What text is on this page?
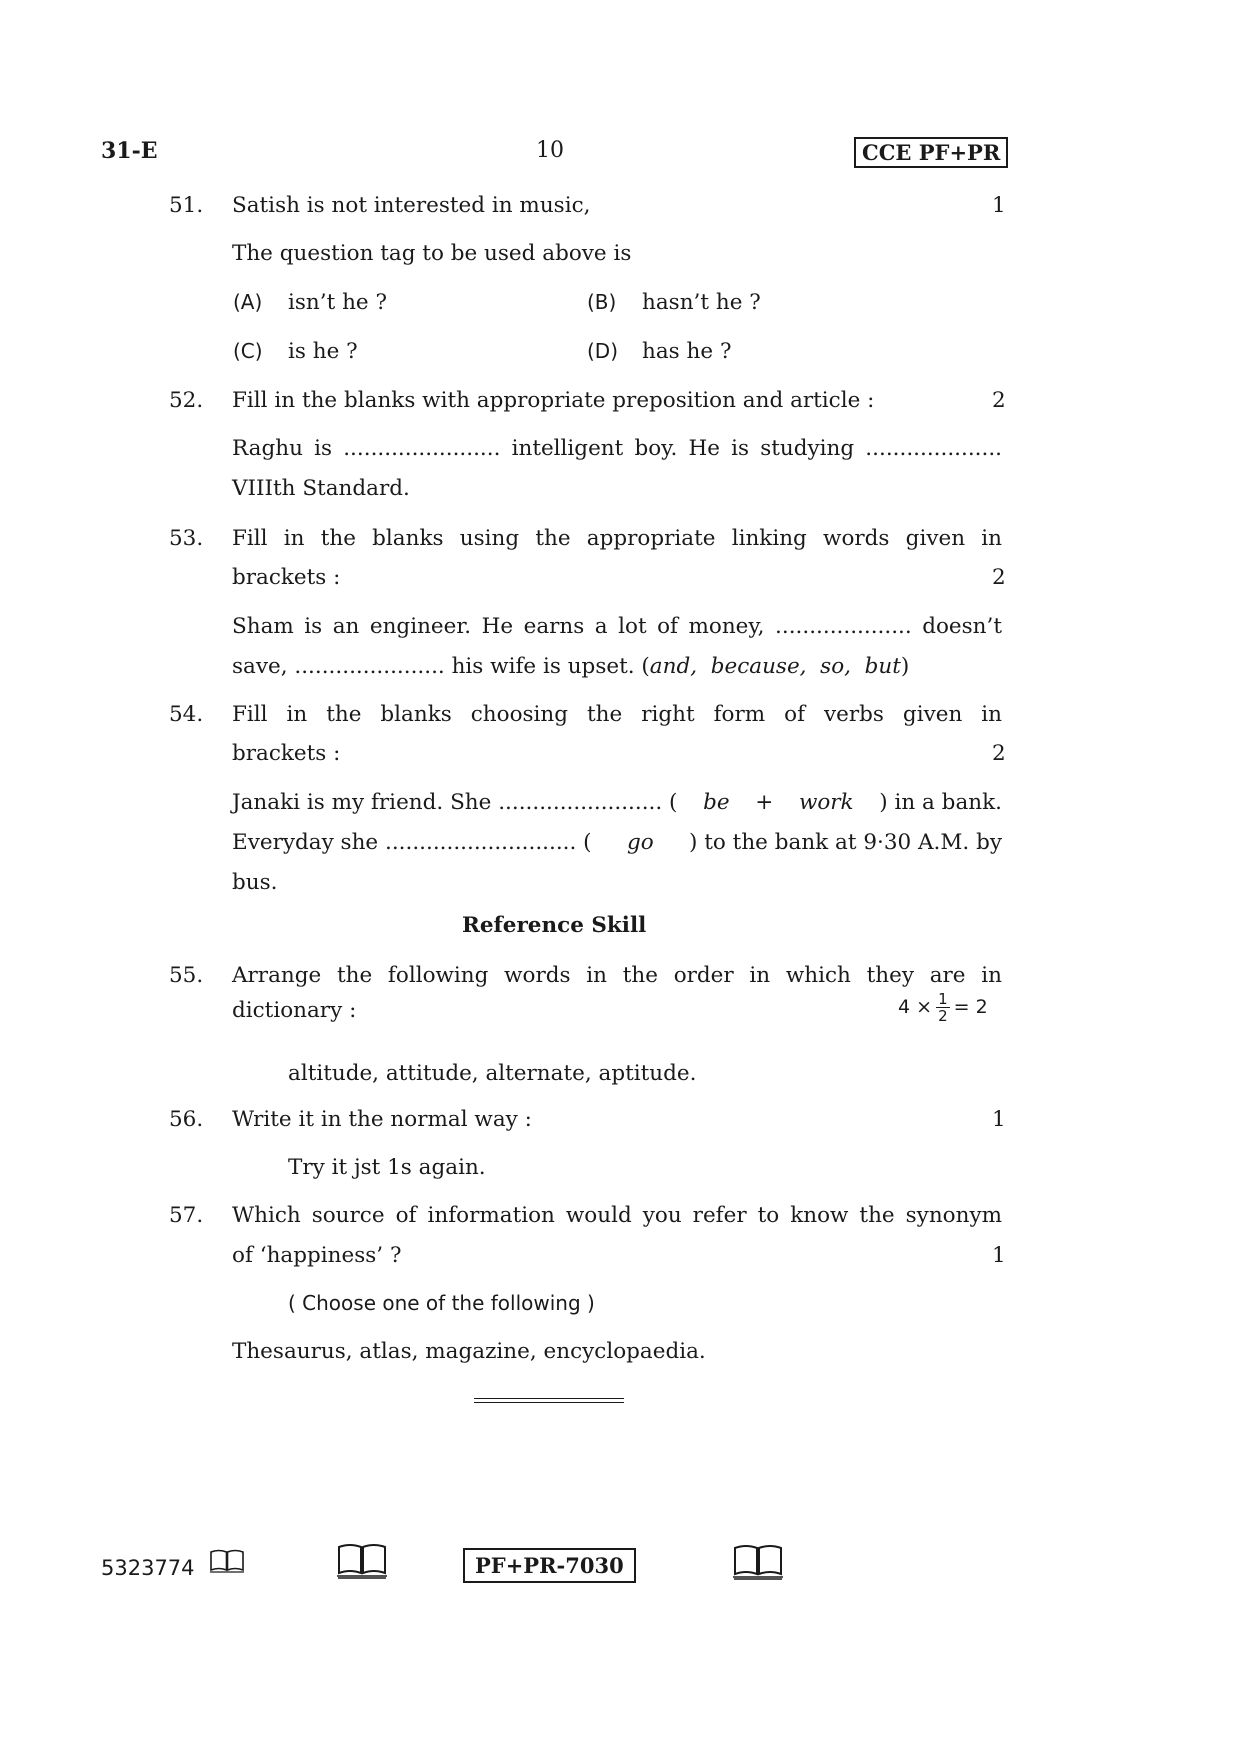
31-E	10	CCE PF+PR
51. Satish is not interested in music,	1
The question tag to be used above is
(A) isn’t he ?	(B) hasn’t he ?
(C) is he ?	(D) has he ?
52. Fill in the blanks with appropriate preposition and article :	2
Raghu is ....................... intelligent boy. He is studying ....................
VIIIth Standard.
53. Fill in the blanks using the appropriate linking words given in
brackets :	2
Sham is an engineer. He earns a lot of money, .................... doesn’t
save, ...................... his wife is upset. (and,  because,  so,  but)
54. Fill in the blanks choosing the right form of verbs given in
brackets :	2
Janaki is my friend. She ........................ ( be + work ) in a bank.
Everyday she ............................ ( go ) to the bank at 9·30 A.M. by
bus.
Reference Skill
55. Arrange the following words in the order in which they are in
dictionary :	$4 \times \frac{1}{2} = 2$
altitude, attitude, alternate, aptitude.
56. Write it in the normal way :	1
Try it jst 1s again.
57. Which source of information would you refer to know the synonym
of ‘happiness’ ?	1
( Choose one of the following )
Thesaurus, atlas, magazine, encyclopaedia.
5323774	PF+PR-7030
